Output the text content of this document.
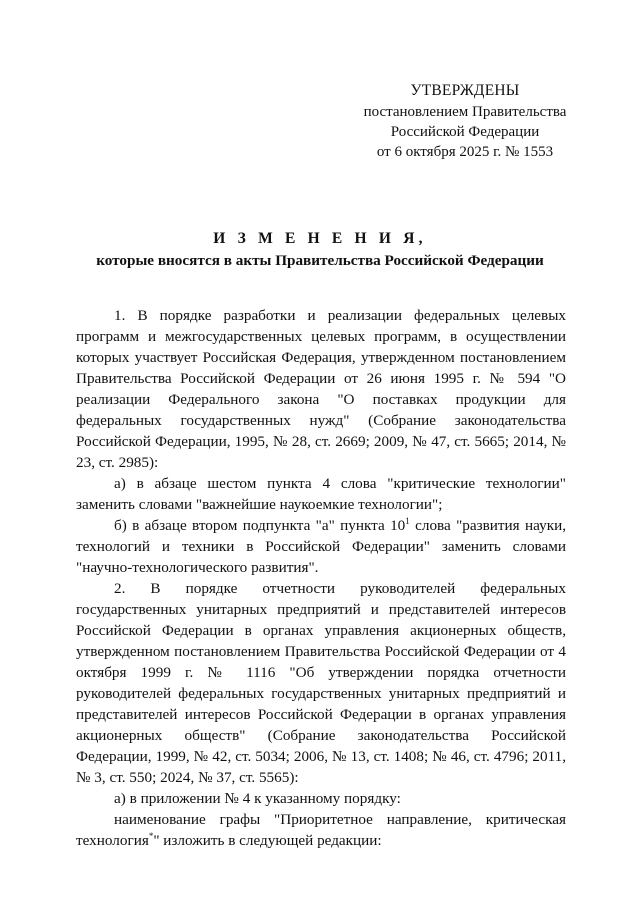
УТВЕРЖДЕНЫ
постановлением Правительства
Российской Федерации
от 6 октября 2025 г. № 1553
И З М Е Н Е Н И Я,
которые вносятся в акты Правительства Российской Федерации

1. В порядке разработки и реализации федеральных целевых программ и межгосударственных целевых программ, в осуществлении которых участвует Российская Федерация, утвержденном постановлением Правительства Российской Федерации от 26 июня 1995 г. № 594 "О реализации Федерального закона "О поставках продукции для федеральных государственных нужд" (Собрание законодательства Российской Федерации, 1995, № 28, ст. 2669; 2009, № 47, ст. 5665; 2014, № 23, ст. 2985):

а) в абзаце шестом пункта 4 слова "критические технологии" заменить словами "важнейшие наукоемкие технологии";

б) в абзаце втором подпункта "а" пункта $10^1$ слова "развития науки, технологий и техники в Российской Федерации" заменить словами "научно-технологического развития".

2. В порядке отчетности руководителей федеральных государственных унитарных предприятий и представителей интересов Российской Федерации в органах управления акционерных обществ, утвержденном постановлением Правительства Российской Федерации от 4 октября 1999 г. № 1116 "Об утверждении порядка отчетности руководителей федеральных государственных унитарных предприятий и представителей интересов Российской Федерации в органах управления акционерных обществ" (Собрание законодательства Российской Федерации, 1999, № 42, ст. 5034; 2006, № 13, ст. 1408; № 46, ст. 4796; 2011, № 3, ст. 550; 2024, № 37, ст. 5565):

а) в приложении № 4 к указанному порядку:

наименование графы "Приоритетное направление, критическая технология*" изложить в следующей редакции:
